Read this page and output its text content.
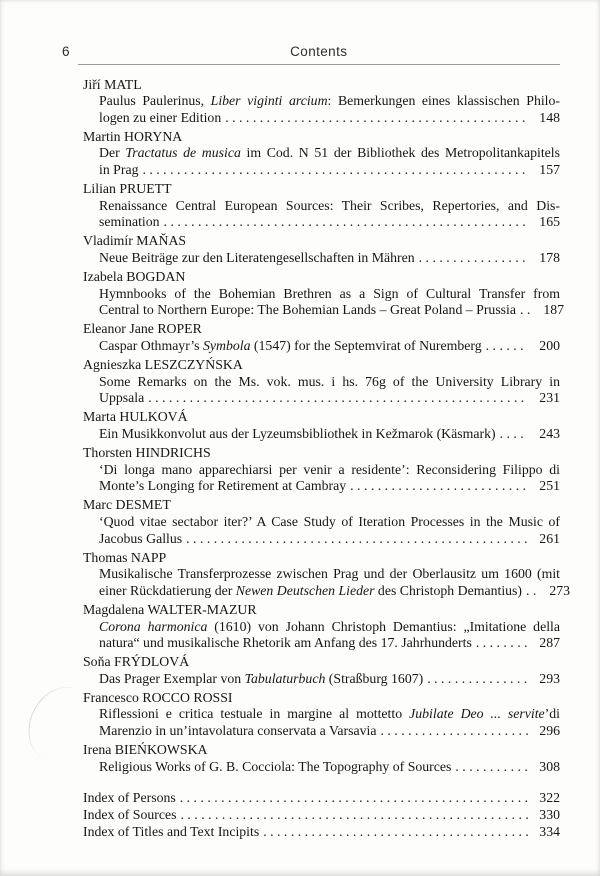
6	Contents
Jiří MATL
Paulus Paulerinus, Liber viginti arcium: Bemerkungen eines klassischen Philo-
logen zu einer Edition . . .	148
Martin HORYNA
Der Tractatus de musica im Cod. N 51 der Bibliothek des Metropolitankapitels
in Prag . . .	157
Lilian PRUETT
Renaissance Central European Sources: Their Scribes, Repertories, and Dis-
semination . . .	165
Vladimír MAŇAS
Neue Beiträge zur den Literatengesellschaften in Mähren . . .	178
Izabela BOGDAN
Hymnbooks of the Bohemian Brethren as a Sign of Cultural Transfer from
Central to Northern Europe: The Bohemian Lands – Great Poland – Prussia . . .	187
Eleanor Jane ROPER
Caspar Othmayr’s Symbola (1547) for the Septemvirat of Nuremberg . . .	200
Agnieszka LESZCZYŃSKA
Some Remarks on the Ms. vok. mus. i hs. 76g of the University Library in
Uppsala . . .	231
Marta HULKOVÁ
Ein Musikkonvolut aus der Lyzeumsbibliothek in Kežmarok (Käsmark) . . .	243
Thorsten HINDRICHS
‘Di longa mano apparechiarsi per venir a residente’: Reconsidering Filippo di
Monte’s Longing for Retirement at Cambray . . .	251
Marc DESMET
‘Quod vitae sectabor iter?’ A Case Study of Iteration Processes in the Music of
Jacobus Gallus . . .	261
Thomas NAPP
Musikalische Transferprozesse zwischen Prag und der Oberlausitz um 1600 (mit
einer Rückdatierung der Newen Deutschen Lieder des Christoph Demantius) . . .	273
Magdalena WALTER-MAZUR
Corona harmonica (1610) von Johann Christoph Demantius: „Imitatione della
natura“ und musikalische Rhetorik am Anfang des 17. Jahrhunderts . . .	287
Soňa FRÝDLOVÁ
Das Prager Exemplar von Tabulaturbuch (Straßburg 1607) . . .	293
Francesco ROCCO ROSSI
Riflessioni e critica testuale in margine al mottetto Jubilate Deo ... servite’di
Marenzio in un’intavolatura conservata a Varsavia . . .	296
Irena BIEŃKOWSKA
Religious Works of G. B. Cocciola: The Topography of Sources . . .	308
Index of Persons . . .	322
Index of Sources . . .	330
Index of Titles and Text Incipits . . .	334
